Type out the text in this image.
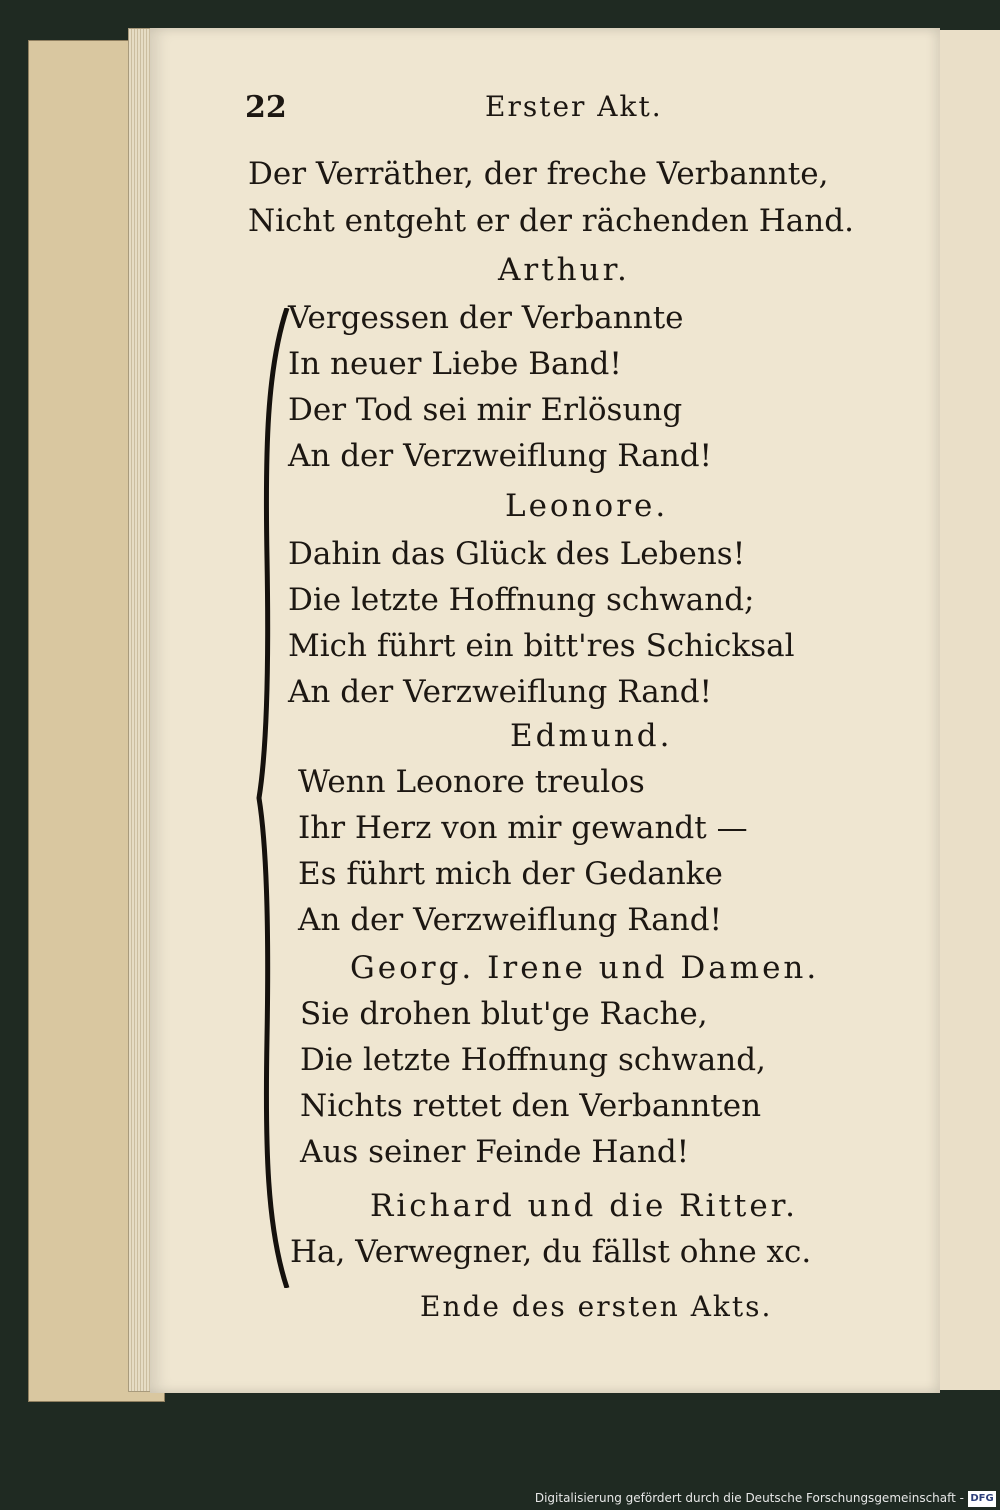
22	Erster Akt.
Der Verräther, der freche Verbannte,
Nicht entgeht er der rächenden Hand.
Arthur.
Vergessen der Verbannte
In neuer Liebe Band!
Der Tod sei mir Erlösung
An der Verzweiflung Rand!
Leonore.
Dahin das Glück des Lebens!
Die letzte Hoffnung schwand;
Mich führt ein bitt'res Schicksal
An der Verzweiflung Rand!
Edmund.
Wenn Leonore treulos
Ihr Herz von mir gewandt —
Es führt mich der Gedanke
An der Verzweiflung Rand!
Georg. Irene und Damen.
Sie drohen blut'ge Rache,
Die letzte Hoffnung schwand,
Nichts rettet den Verbannten
Aus seiner Feinde Hand!
Richard und die Ritter.
Ha, Verwegner, du fällst ohne xc.
Ende des ersten Akts.
Digitalisierung gefördert durch die Deutsche Forschungsgemeinschaft - DFG
